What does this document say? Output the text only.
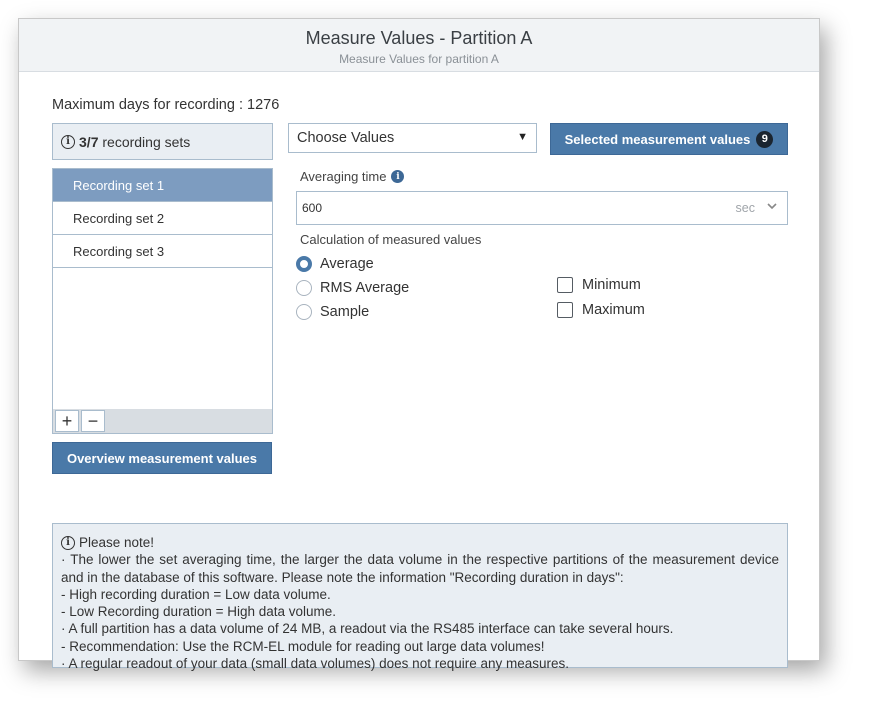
Measure Values - Partition A
Measure Values for partition A
Maximum days for recording : 1276
i 3 / 7 recording sets
Recording set 1
Recording set 2
Recording set 3
+ −
Overview measurement values
Choose Values	▼	Selected measurement values	9
Averaging time	i
600	sec
Calculation of measured values
Average
RMS Average
Sample
Minimum
Maximum
i Please note!
· The lower the set averaging time, the larger the data volume in the respective partitions of the measurement device and in the database of this software. Please note the information "Recording duration in days":
- High recording duration = Low data volume.
- Low Recording duration = High data volume.
· A full partition has a data volume of 24 MB, a readout via the RS485 interface can take several hours.
- Recommendation: Use the RCM-EL module for reading out large data volumes!
· A regular readout of your data (small data volumes) does not require any measures.
